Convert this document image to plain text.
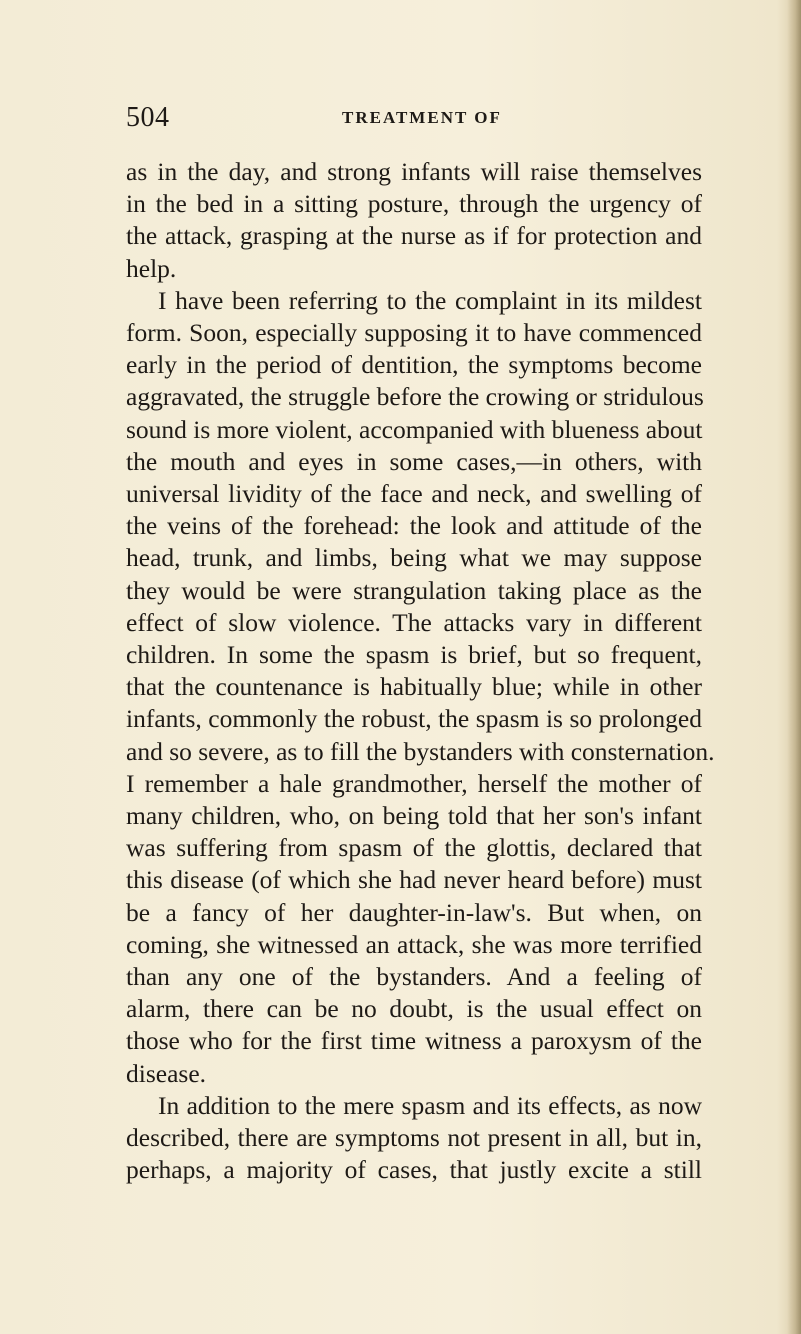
504	TREATMENT OF
as in the day, and strong infants will raise themselves
in the bed in a sitting posture, through the urgency of
the attack, grasping at the nurse as if for protection and
help.
I have been referring to the complaint in its mildest
form. Soon, especially supposing it to have commenced
early in the period of dentition, the symptoms become
aggravated, the struggle before the crowing or stridulous
sound is more violent, accompanied with blueness about
the mouth and eyes in some cases,—in others, with
universal lividity of the face and neck, and swelling of
the veins of the forehead: the look and attitude of the
head, trunk, and limbs, being what we may suppose
they would be were strangulation taking place as the
effect of slow violence. The attacks vary in different
children. In some the spasm is brief, but so frequent,
that the countenance is habitually blue; while in other
infants, commonly the robust, the spasm is so prolonged
and so severe, as to fill the bystanders with consternation.
I remember a hale grandmother, herself the mother of
many children, who, on being told that her son's infant
was suffering from spasm of the glottis, declared that
this disease (of which she had never heard before) must
be a fancy of her daughter-in-law's. But when, on
coming, she witnessed an attack, she was more terrified
than any one of the bystanders. And a feeling of
alarm, there can be no doubt, is the usual effect on
those who for the first time witness a paroxysm of the
disease.
In addition to the mere spasm and its effects, as now
described, there are symptoms not present in all, but in,
perhaps, a majority of cases, that justly excite a still
